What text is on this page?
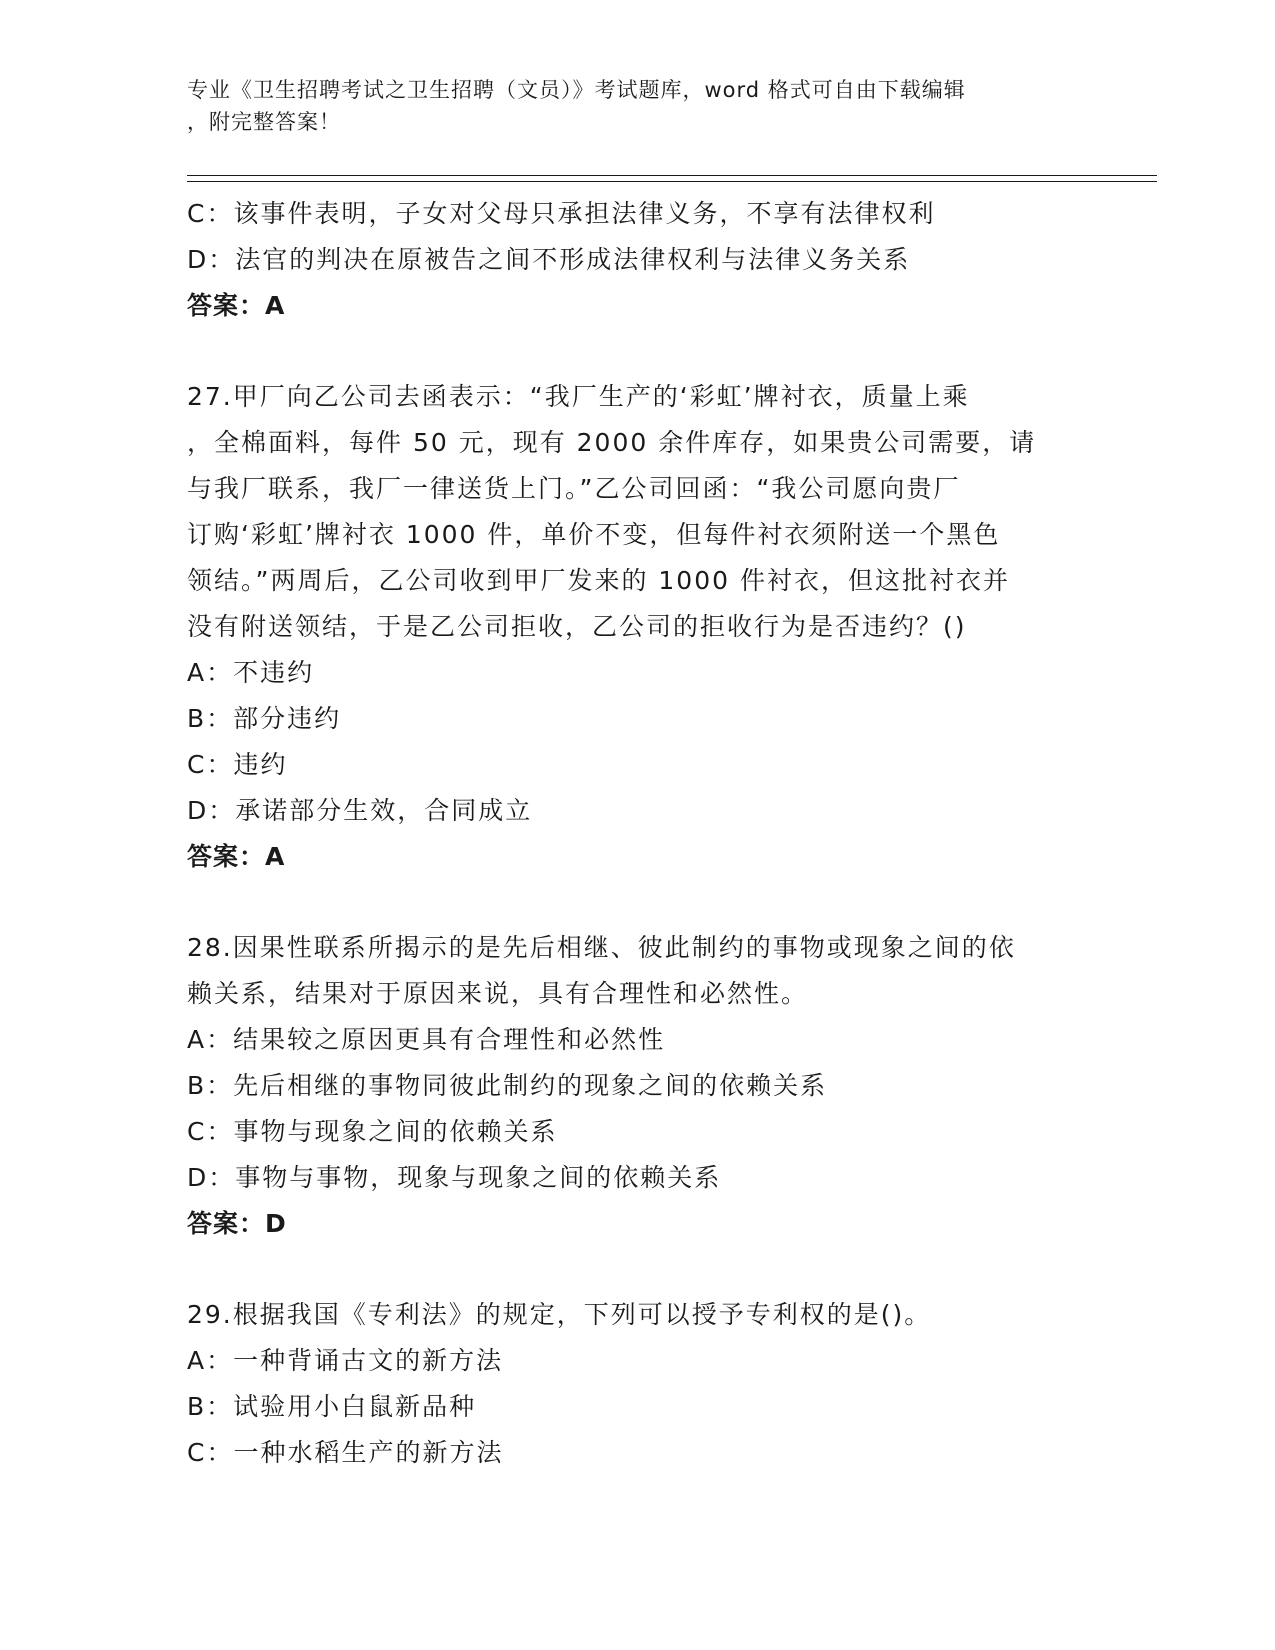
专业《卫生招聘考试之卫生招聘（文员）》考试题库，word 格式可自由下载编辑
，附完整答案！
C：该事件表明，子女对父母只承担法律义务，不享有法律权利
D：法官的判决在原被告之间不形成法律权利与法律义务关系
答案：A
27.甲厂向乙公司去函表示：“我厂生产的‘彩虹’牌衬衣，质量上乘
，全棉面料，每件 50 元，现有 2000 余件库存，如果贵公司需要，请
与我厂联系，我厂一律送货上门。”乙公司回函：“我公司愿向贵厂
订购‘彩虹’牌衬衣 1000 件，单价不变，但每件衬衣须附送一个黑色
领结。”两周后，乙公司收到甲厂发来的 1000 件衬衣，但这批衬衣并
没有附送领结，于是乙公司拒收，乙公司的拒收行为是否违约？()
A：不违约
B：部分违约
C：违约
D：承诺部分生效，合同成立
答案：A
28.因果性联系所揭示的是先后相继、彼此制约的事物或现象之间的依
赖关系，结果对于原因来说，具有合理性和必然性。
A：结果较之原因更具有合理性和必然性
B：先后相继的事物同彼此制约的现象之间的依赖关系
C：事物与现象之间的依赖关系
D：事物与事物，现象与现象之间的依赖关系
答案：D
29.根据我国《专利法》的规定，下列可以授予专利权的是()。
A：一种背诵古文的新方法
B：试验用小白鼠新品种
C：一种水稻生产的新方法
